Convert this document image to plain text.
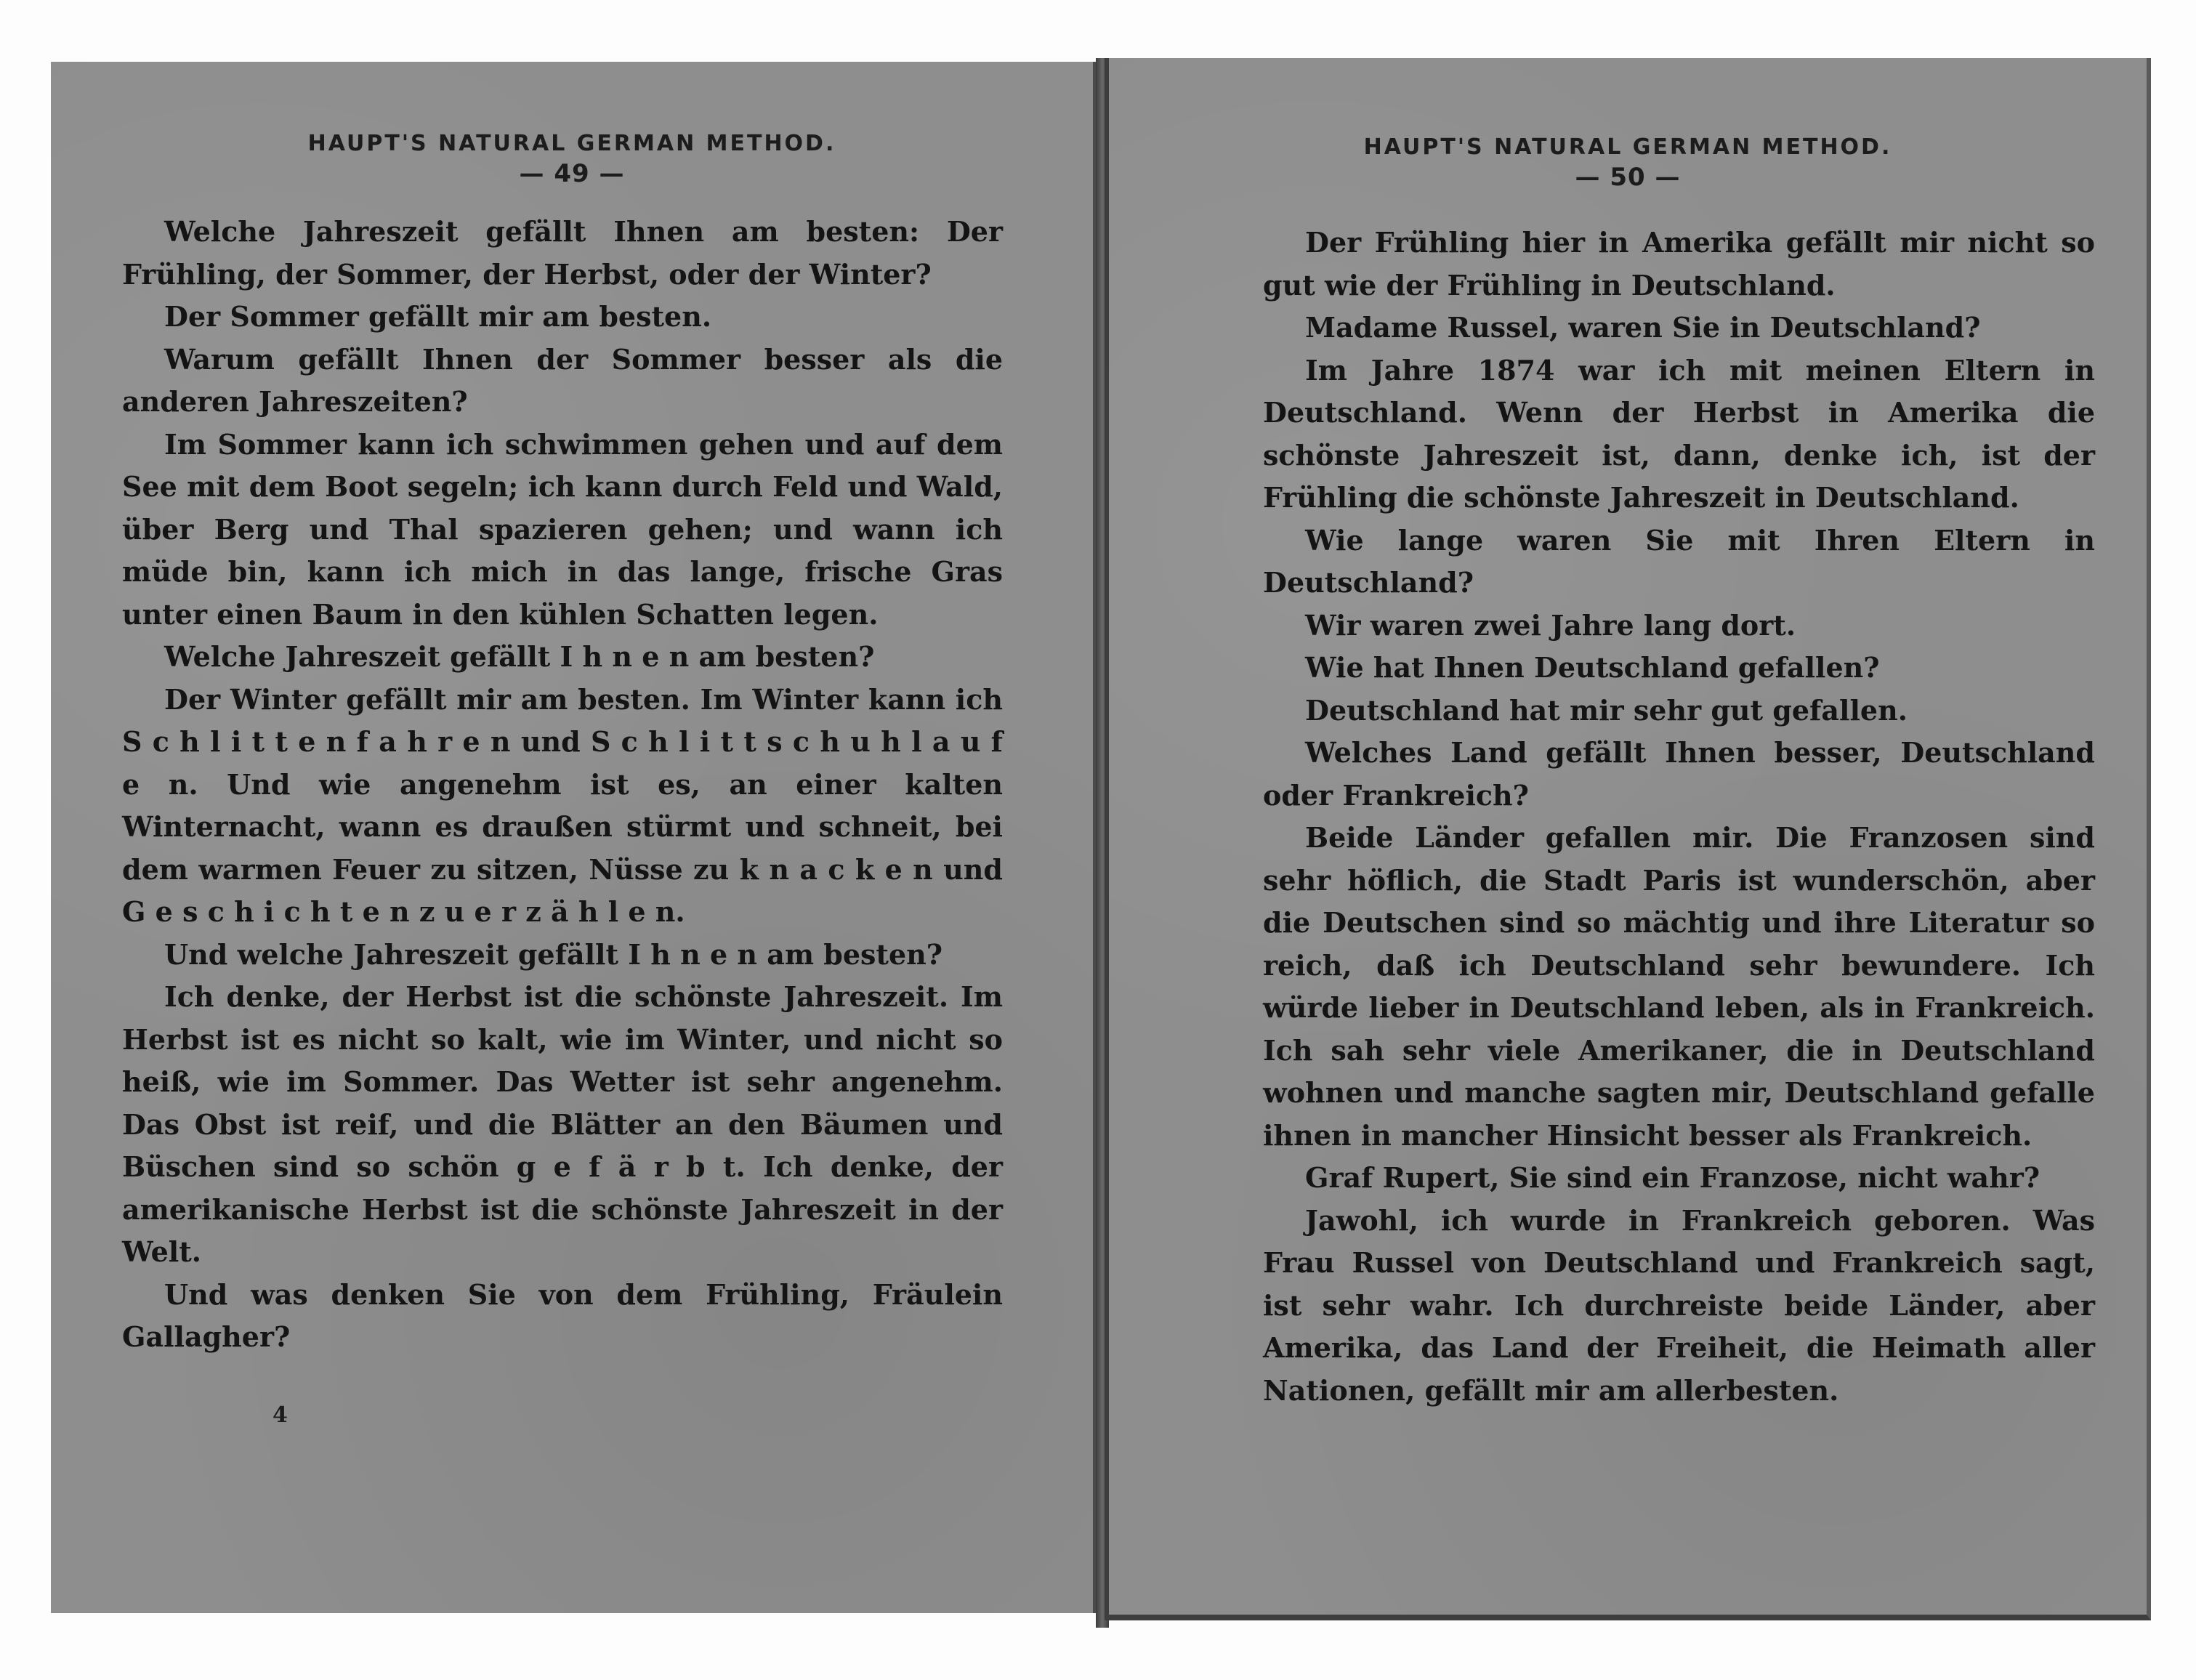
HAUPT'S NATURAL GERMAN METHOD.
— 49 —

Welche Jahreszeit gefällt Ihnen am besten: Der Frühling, der Sommer, der Herbst, oder der Winter?

Der Sommer gefällt mir am besten.

Warum gefällt Ihnen der Sommer besser als die anderen Jahreszeiten?

Im Sommer kann ich schwimmen gehen und auf dem See mit dem Boot segeln; ich kann durch Feld und Wald, über Berg und Thal spazieren gehen; und wann ich müde bin, kann ich mich in das lange, frische Gras unter einen Baum in den kühlen Schatten legen.

Welche Jahreszeit gefällt I h n e n am besten?

Der Winter gefällt mir am besten. Im Winter kann ich S c h l i t t e n f a h r e n und S c h l i t t s c h u h l a u f e n. Und wie angenehm ist es, an einer kalten Winternacht, wann es draußen stürmt und schneit, bei dem warmen Feuer zu sitzen, Nüsse zu k n a c k e n und G e s c h i c h t e n z u e r z ä h l e n.

Und welche Jahreszeit gefällt I h n e n am besten?

Ich denke, der Herbst ist die schönste Jahreszeit. Im Herbst ist es nicht so kalt, wie im Winter, und nicht so heiß, wie im Sommer. Das Wetter ist sehr angenehm. Das Obst ist reif, und die Blätter an den Bäumen und Büschen sind so schön g e f ä r b t. Ich denke, der amerikanische Herbst ist die schönste Jahreszeit in der Welt.

Und was denken Sie von dem Frühling, Fräulein Gallagher?

4
HAUPT'S NATURAL GERMAN METHOD.
— 50 —

Der Frühling hier in Amerika gefällt mir nicht so gut wie der Frühling in Deutschland.

Madame Russel, waren Sie in Deutschland?

Im Jahre 1874 war ich mit meinen Eltern in Deutschland. Wenn der Herbst in Amerika die schönste Jahreszeit ist, dann, denke ich, ist der Frühling die schönste Jahreszeit in Deutschland.

Wie lange waren Sie mit Ihren Eltern in Deutschland?

Wir waren zwei Jahre lang dort.

Wie hat Ihnen Deutschland gefallen?

Deutschland hat mir sehr gut gefallen.

Welches Land gefällt Ihnen besser, Deutschland oder Frankreich?

Beide Länder gefallen mir. Die Franzosen sind sehr höflich, die Stadt Paris ist wunderschön, aber die Deutschen sind so mächtig und ihre Literatur so reich, daß ich Deutschland sehr bewundere. Ich würde lieber in Deutschland leben, als in Frankreich. Ich sah sehr viele Amerikaner, die in Deutschland wohnen und manche sagten mir, Deutschland gefalle ihnen in mancher Hinsicht besser als Frankreich.

Graf Rupert, Sie sind ein Franzose, nicht wahr?

Jawohl, ich wurde in Frankreich geboren. Was Frau Russel von Deutschland und Frankreich sagt, ist sehr wahr. Ich durchreiste beide Länder, aber Amerika, das Land der Freiheit, die Heimath aller Nationen, gefällt mir am allerbesten.
